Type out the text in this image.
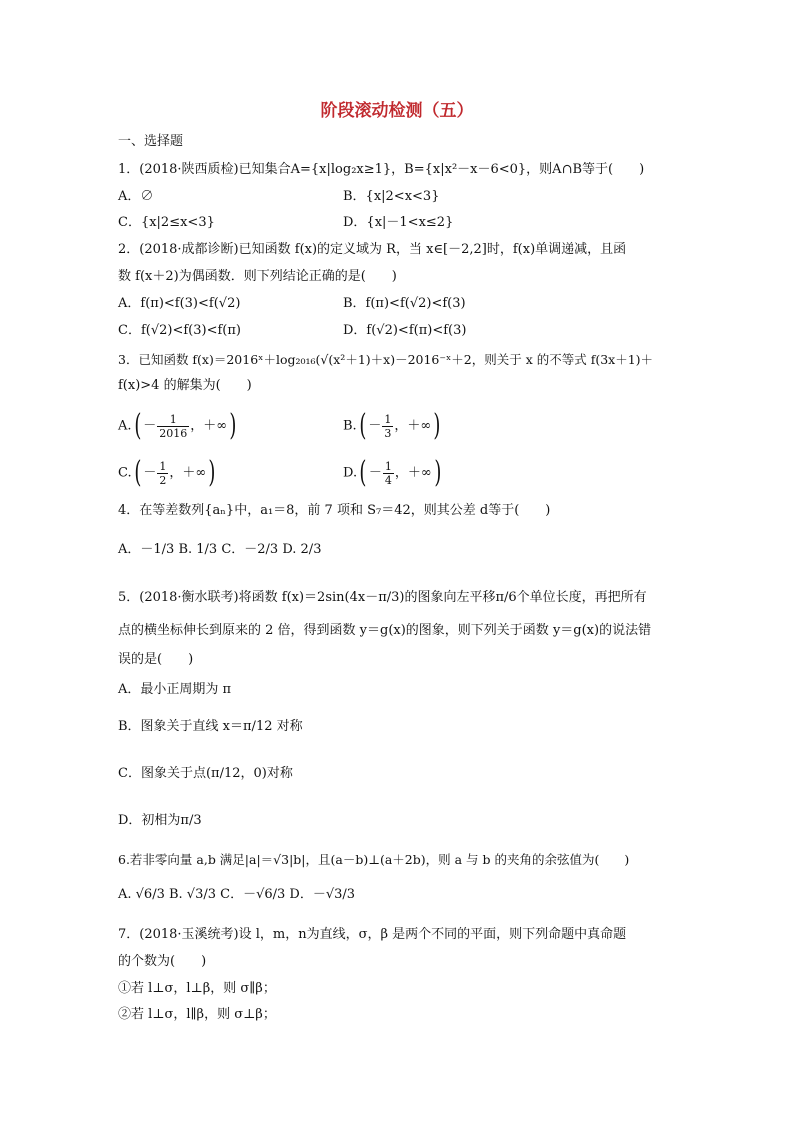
阶段滚动检测（五）
一、选择题
1．(2018·陕西质检)已知集合A={x|log₂x≥1}，B={x|x²－x－6<0}，则A∩B等于(　　)
A．∅	B．{x|2<x<3}
C．{x|2≤x<3}	D．{x|－1<x≤2}
2．(2018·成都诊断)已知函数 f(x)的定义域为 R，当 x∈[－2,2]时，f(x)单调递减，且函
数 f(x＋2)为偶函数．则下列结论正确的是(　　)
A．f(π)<f(3)<f(√2)	B．f(π)<f(√2)<f(3)
C．f(√2)<f(3)<f(π)	D．f(√2)<f(π)<f(3)
3．已知函数 f(x)＝2016ˣ＋log₂₀₁₆(√(x²＋1)＋x)－2016⁻ˣ＋2，则关于 x 的不等式 f(3x＋1)＋
f(x)>4 的解集为(　　)
$A.( - \frac{1}{2016}$ ，＋∞)	$B.( - \frac{1}{3}$ ，＋∞)
$C.( - \frac{1}{2}$ ，＋∞)	$D.( - \frac{1}{4}$ ，＋∞)
4．在等差数列{aₙ}中，a₁＝8，前 7 项和 S₇＝42，则其公差 d等于(　　)
A．－1/3 B. 1/3 C．－2/3 D. 2/3
5．(2018·衡水联考)将函数 f(x)＝2sin(4x－π/3)的图象向左平移π/6个单位长度，再把所有
点的横坐标伸长到原来的 2 倍，得到函数 y＝g(x)的图象，则下列关于函数 y＝g(x)的说法错
误的是(　　)
A．最小正周期为 π
B．图象关于直线 x＝π/12 对称
C．图象关于点(π/12，0)对称
D．初相为π/3
6.若非零向量 a,b 满足|a|＝√3|b|，且(a－b)⊥(a＋2b)，则 a 与 b 的夹角的余弦值为(　　)
A. √6/3 B. √3/3 C．－√6/3 D．－√3/3
7．(2018·玉溪统考)设 l，m，n为直线，σ，β 是两个不同的平面，则下列命题中真命题
的个数为(　　)
①若 l⊥σ，l⊥β，则 σ∥β；
②若 l⊥σ，l∥β，则 σ⊥β；
